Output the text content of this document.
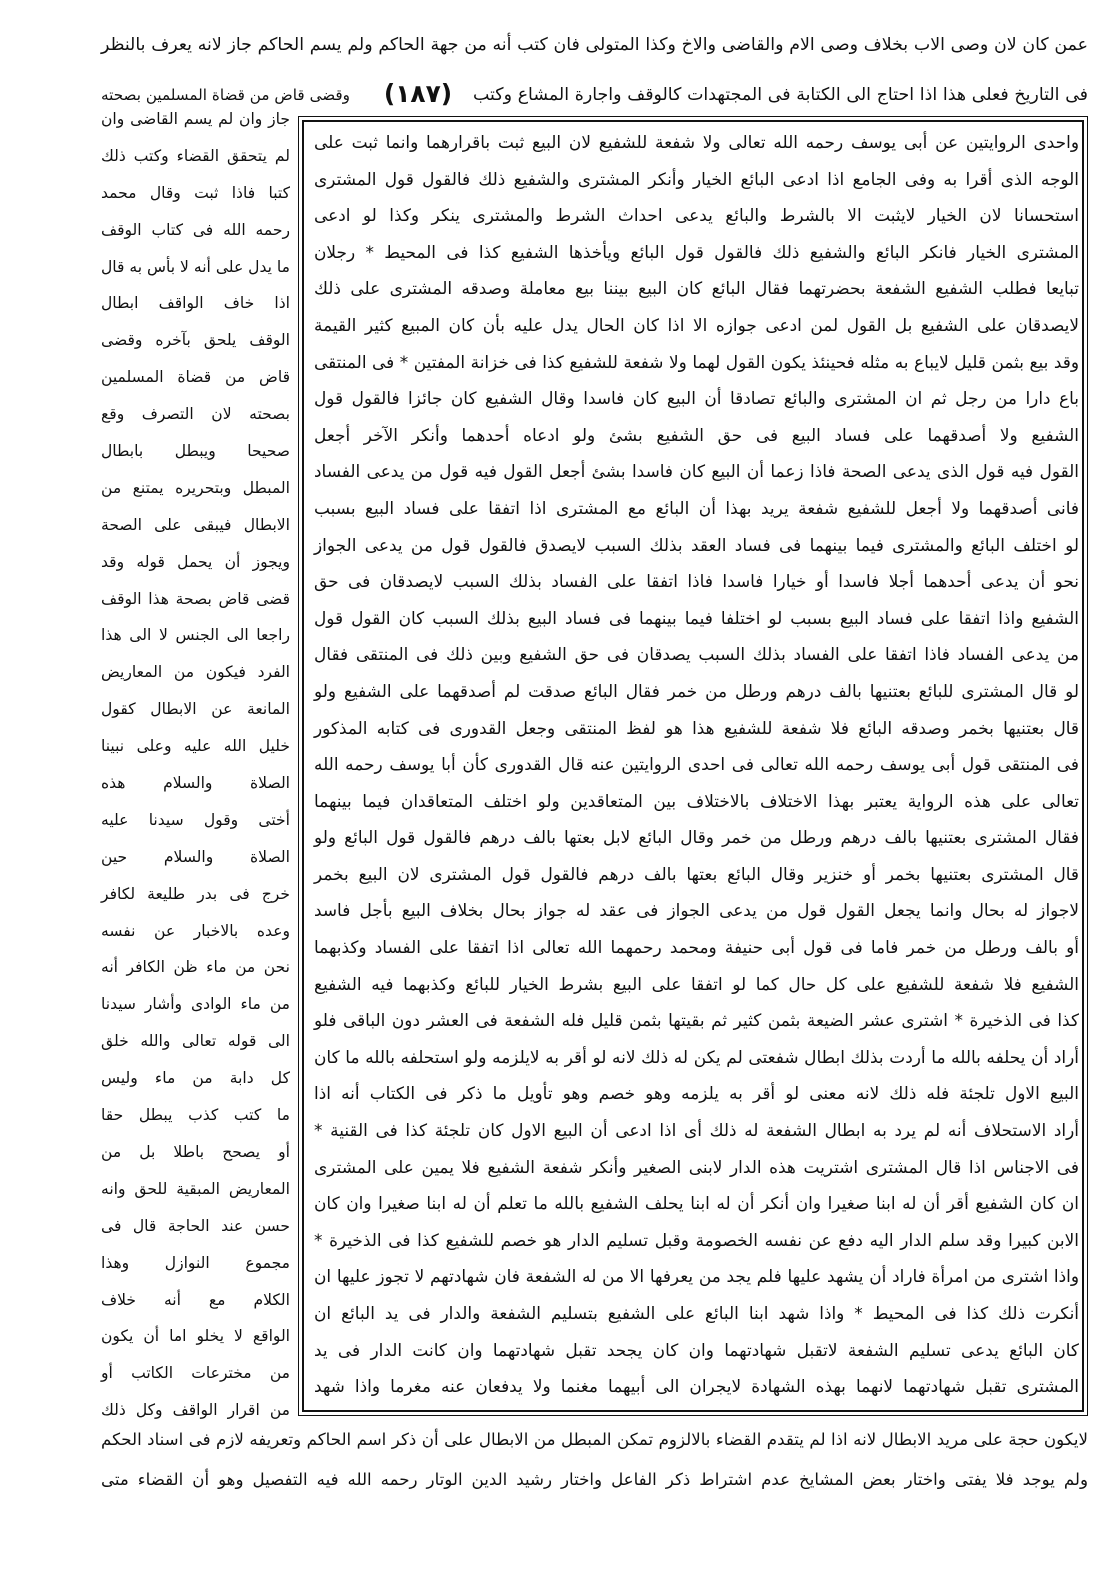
عمن كان لان وصى الاب بخلاف وصى الام والقاضى والاخ وكذا المتولى فان كتب أنه من جهة الحاكم ولم يسم الحاكم جاز لانه يعرف بالنظر
فى التاريخ فعلى هذا اذا احتاج الى الكتابة فى المجتهدات كالوقف واجارة المشاع وكتب
(١٨٧)
وقضى قاض من قضاة المسلمين بصحته
واحدى الروايتين عن أبى يوسف رحمه الله تعالى ولا شفعة للشفيع لان البيع ثبت باقرارهما وانما ثبت على
الوجه الذى أقرا به وفى الجامع اذا ادعى البائع الخيار وأنكر المشترى والشفيع ذلك فالقول قول المشترى
استحسانا لان الخيار لايثبت الا بالشرط والبائع يدعى احداث الشرط والمشترى ينكر وكذا لو ادعى
المشترى الخيار فانكر البائع والشفيع ذلك فالقول قول البائع ويأخذها الشفيع كذا فى المحيط * رجلان
تبايعا فطلب الشفيع الشفعة بحضرتهما فقال البائع كان البيع بيننا بيع معاملة وصدقه المشترى على ذلك
لايصدقان على الشفيع بل القول لمن ادعى جوازه الا اذا كان الحال يدل عليه بأن كان المبيع كثير القيمة
وقد بيع بثمن قليل لايباع به مثله فحينئذ يكون القول لهما ولا شفعة للشفيع كذا فى خزانة المفتين * فى المنتقى
باع دارا من رجل ثم ان المشترى والبائع تصادقا أن البيع كان فاسدا وقال الشفيع كان جائزا فالقول قول
الشفيع ولا أصدقهما على فساد البيع فى حق الشفيع بشئ ولو ادعاه أحدهما وأنكر الآخر أجعل
القول فيه قول الذى يدعى الصحة فاذا زعما أن البيع كان فاسدا بشئ أجعل القول فيه قول من يدعى الفساد
فانى أصدقهما ولا أجعل للشفيع شفعة يريد بهذا أن البائع مع المشترى اذا اتفقا على فساد البيع بسبب
لو اختلف البائع والمشترى فيما بينهما فى فساد العقد بذلك السبب لايصدق فالقول قول من يدعى الجواز
نحو أن يدعى أحدهما أجلا فاسدا أو خيارا فاسدا فاذا اتفقا على الفساد بذلك السبب لايصدقان فى حق
الشفيع واذا اتفقا على فساد البيع بسبب لو اختلفا فيما بينهما فى فساد البيع بذلك السبب كان القول قول
من يدعى الفساد فاذا اتفقا على الفساد بذلك السبب يصدقان فى حق الشفيع وبين ذلك فى المنتقى فقال
لو قال المشترى للبائع بعتنيها بالف درهم ورطل من خمر فقال البائع صدقت لم أصدقهما على الشفيع ولو
قال بعتنيها بخمر وصدقه البائع فلا شفعة للشفيع هذا هو لفظ المنتقى وجعل القدورى فى كتابه المذكور
فى المنتقى قول أبى يوسف رحمه الله تعالى فى احدى الروايتين عنه قال القدورى كأن أبا يوسف رحمه الله
تعالى على هذه الرواية يعتبر بهذا الاختلاف بالاختلاف بين المتعاقدين ولو اختلف المتعاقدان فيما بينهما
فقال المشترى بعتنيها بالف درهم ورطل من خمر وقال البائع لابل بعتها بالف درهم فالقول قول البائع ولو
قال المشترى بعتنيها بخمر أو خنزير وقال البائع بعتها بالف درهم فالقول قول المشترى لان البيع بخمر
لاجواز له بحال وانما يجعل القول قول من يدعى الجواز فى عقد له جواز بحال بخلاف البيع بأجل فاسد
أو بالف ورطل من خمر فاما فى قول أبى حنيفة ومحمد رحمهما الله تعالى اذا اتفقا على الفساد وكذبهما
الشفيع فلا شفعة للشفيع على كل حال كما لو اتفقا على البيع بشرط الخيار للبائع وكذبهما فيه الشفيع
كذا فى الذخيرة * اشترى عشر الضيعة بثمن كثير ثم بقيتها بثمن قليل فله الشفعة فى العشر دون الباقى فلو
أراد أن يحلفه بالله ما أردت بذلك ابطال شفعتى لم يكن له ذلك لانه لو أقر به لايلزمه ولو استحلفه بالله ما كان
البيع الاول تلجئة فله ذلك لانه معنى لو أقر به يلزمه وهو خصم وهو تأويل ما ذكر فى الكتاب أنه اذا
أراد الاستحلاف أنه لم يرد به ابطال الشفعة له ذلك أى اذا ادعى أن البيع الاول كان تلجئة كذا فى القنية *
فى الاجناس اذا قال المشترى اشتريت هذه الدار لابنى الصغير وأنكر شفعة الشفيع فلا يمين على المشترى
ان كان الشفيع أقر أن له ابنا صغيرا وان أنكر أن له ابنا يحلف الشفيع بالله ما تعلم أن له ابنا صغيرا وان كان
الابن كبيرا وقد سلم الدار اليه دفع عن نفسه الخصومة وقبل تسليم الدار هو خصم للشفيع كذا فى الذخيرة *
واذا اشترى من امرأة فاراد أن يشهد عليها فلم يجد من يعرفها الا من له الشفعة فان شهادتهم لا تجوز عليها ان
أنكرت ذلك كذا فى المحيط * واذا شهد ابنا البائع على الشفيع بتسليم الشفعة والدار فى يد البائع ان
كان البائع يدعى تسليم الشفعة لاتقبل شهادتهما وان كان يجحد تقبل شهادتهما وان كانت الدار فى يد
المشترى تقبل شهادتهما لانهما بهذه الشهادة لايجران الى أبيهما مغنما ولا يدفعان عنه مغرما واذا شهد
جاز وان لم يسم القاضى وان
لم يتحقق القضاء وكتب ذلك
كتبا فاذا ثبت وقال محمد
رحمه الله فى كتاب الوقف
ما يدل على أنه لا بأس به قال
اذا خاف الواقف ابطال
الوقف يلحق بآخره وقضى
قاض من قضاة المسلمين
بصحته لان التصرف وقع
صحيحا ويبطل بابطال
المبطل وبتحريره يمتنع من
الابطال فيبقى على الصحة
ويجوز أن يحمل قوله وقد
قضى قاض بصحة هذا الوقف
راجعا الى الجنس لا الى هذا
الفرد فيكون من المعاريض
المانعة عن الابطال كقول
خليل الله عليه وعلى نبينا
الصلاة والسلام هذه
أختى وقول سيدنا عليه
الصلاة والسلام حين
خرج فى بدر طليعة لكافر
وعده بالاخبار عن نفسه
نحن من ماء ظن الكافر أنه
من ماء الوادى وأشار سيدنا
الى قوله تعالى والله خلق
كل دابة من ماء وليس
ما كتب كذب يبطل حقا
أو يصحح باطلا بل من
المعاريض المبقية للحق وانه
حسن عند الحاجة قال فى
مجموع النوازل وهذا
الكلام مع أنه خلاف
الواقع لا يخلو اما أن يكون
من مخترعات الكاتب أو
من اقرار الواقف وكل ذلك
لايكون حجة على مريد الابطال لانه اذا لم يتقدم القضاء بالالزوم تمكن المبطل من الابطال على أن ذكر اسم الحاكم وتعريفه لازم فى اسناد الحكم
ولم يوجد فلا يفتى واختار بعض المشايخ عدم اشتراط ذكر الفاعل واختار رشيد الدين الوتار رحمه الله فيه التفصيل وهو أن القضاء متى
